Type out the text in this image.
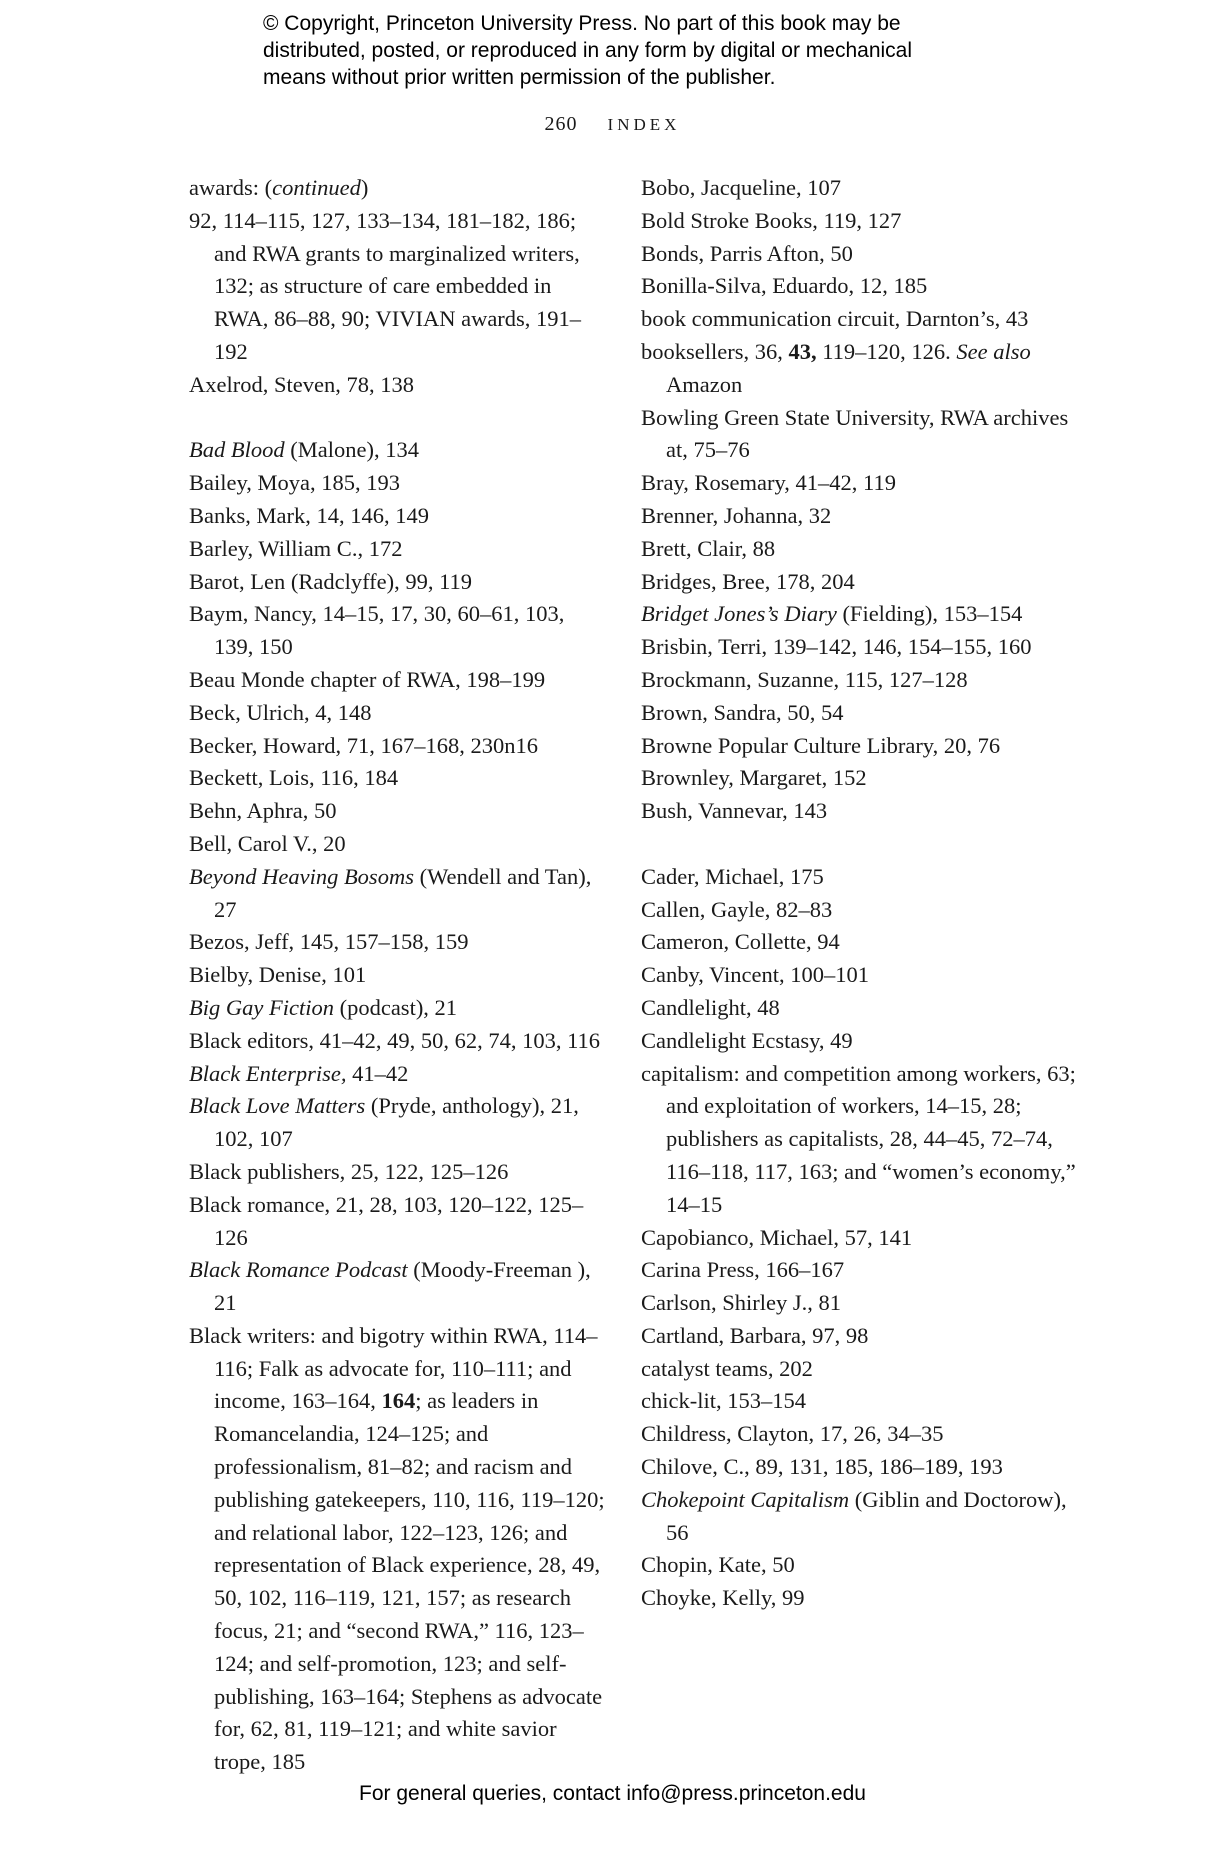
© Copyright, Princeton University Press. No part of this book may be
distributed, posted, or reproduced in any form by digital or mechanical
means without prior written permission of the publisher.
260 index

awards: (continued)

92, 114–115, 127, 133–134, 181–182, 186; and RWA grants to marginalized writers, 132; as structure of care embedded in RWA, 86–88, 90; VIVIAN awards, 191–192

Axelrod, Steven, 78, 138

Bad Blood (Malone), 134

Bailey, Moya, 185, 193

Banks, Mark, 14, 146, 149

Barley, William C., 172

Barot, Len (Radclyffe), 99, 119

Baym, Nancy, 14–15, 17, 30, 60–61, 103, 139, 150

Beau Monde chapter of RWA, 198–199

Beck, Ulrich, 4, 148

Becker, Howard, 71, 167–168, 230n16

Beckett, Lois, 116, 184

Behn, Aphra, 50

Bell, Carol V., 20

Beyond Heaving Bosoms (Wendell and Tan), 27

Bezos, Jeff, 145, 157–158, 159

Bielby, Denise, 101

Big Gay Fiction (podcast), 21

Black editors, 41–42, 49, 50, 62, 74, 103, 116

Black Enterprise, 41–42

Black Love Matters (Pryde, anthology), 21, 102, 107

Black publishers, 25, 122, 125–126

Black romance, 21, 28, 103, 120–122, 125–126

Black Romance Podcast (Moody-Freeman ), 21

Black writers: and bigotry within RWA, 114–116; Falk as advocate for, 110–111; and income, 163–164, 164; as leaders in Romancelandia, 124–125; and professionalism, 81–82; and racism and publishing gatekeepers, 110, 116, 119–120; and relational labor, 122–123, 126; and representation of Black experience, 28, 49, 50, 102, 116–119, 121, 157; as research focus, 21; and “second RWA,” 116, 123–124; and self-promotion, 123; and self-publishing, 163–164; Stephens as advocate for, 62, 81, 119–121; and white savior trope, 185

Bobo, Jacqueline, 107

Bold Stroke Books, 119, 127

Bonds, Parris Afton, 50

Bonilla-Silva, Eduardo, 12, 185

book communication circuit, Darnton’s, 43

booksellers, 36, 43, 119–120, 126. See also Amazon

Bowling Green State University, RWA archives at, 75–76

Bray, Rosemary, 41–42, 119

Brenner, Johanna, 32

Brett, Clair, 88

Bridges, Bree, 178, 204

Bridget Jones’s Diary (Fielding), 153–154

Brisbin, Terri, 139–142, 146, 154–155, 160

Brockmann, Suzanne, 115, 127–128

Brown, Sandra, 50, 54

Browne Popular Culture Library, 20, 76

Brownley, Margaret, 152

Bush, Vannevar, 143

Cader, Michael, 175

Callen, Gayle, 82–83

Cameron, Collette, 94

Canby, Vincent, 100–101

Candlelight, 48

Candlelight Ecstasy, 49

capitalism: and competition among workers, 63; and exploitation of workers, 14–15, 28; publishers as capitalists, 28, 44–45, 72–74, 116–118, 117, 163; and “women’s economy,” 14–15

Capobianco, Michael, 57, 141

Carina Press, 166–167

Carlson, Shirley J., 81

Cartland, Barbara, 97, 98

catalyst teams, 202

chick-lit, 153–154

Childress, Clayton, 17, 26, 34–35

Chilove, C., 89, 131, 185, 186–189, 193

Chokepoint Capitalism (Giblin and Doctorow), 56

Chopin, Kate, 50

Choyke, Kelly, 99

For general queries, contact info@press.princeton.edu
